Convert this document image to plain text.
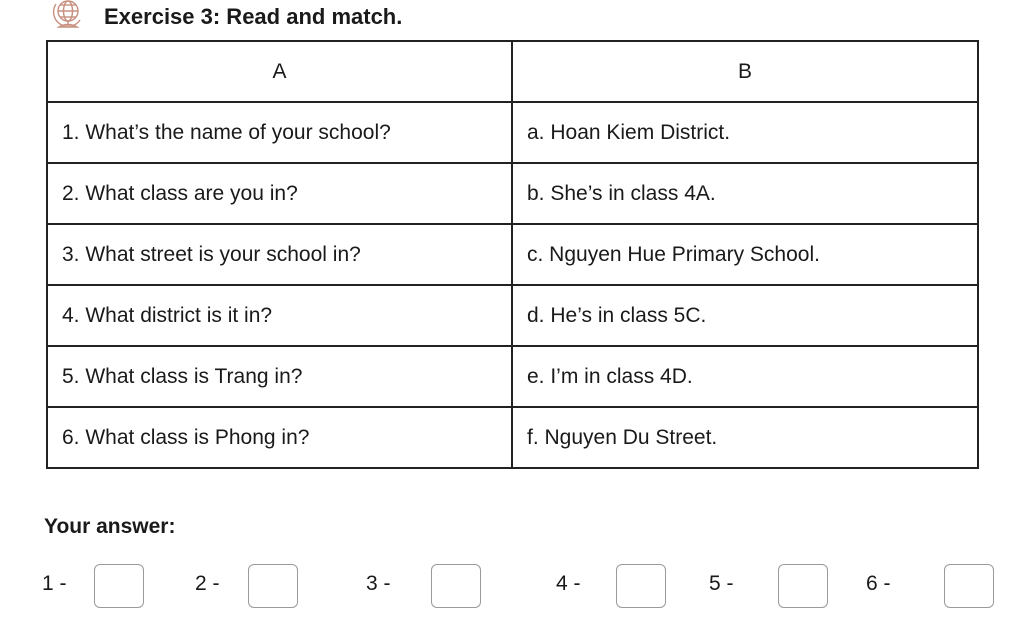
Exercise 3: Read and match.
A	B
1. What’s the name of your school?	a. Hoan Kiem District.
2. What class are you in?	b. She’s in class 4A.
3. What street is your school in?	c. Nguyen Hue Primary School.
4. What district is it in?	d. He’s in class 5C.
5. What class is Trang in?	e. I’m in class 4D.
6. What class is Phong in?	f. Nguyen Du Street.
Your answer:
1 -	2 -	3 -	4 -	5 -	6 -
